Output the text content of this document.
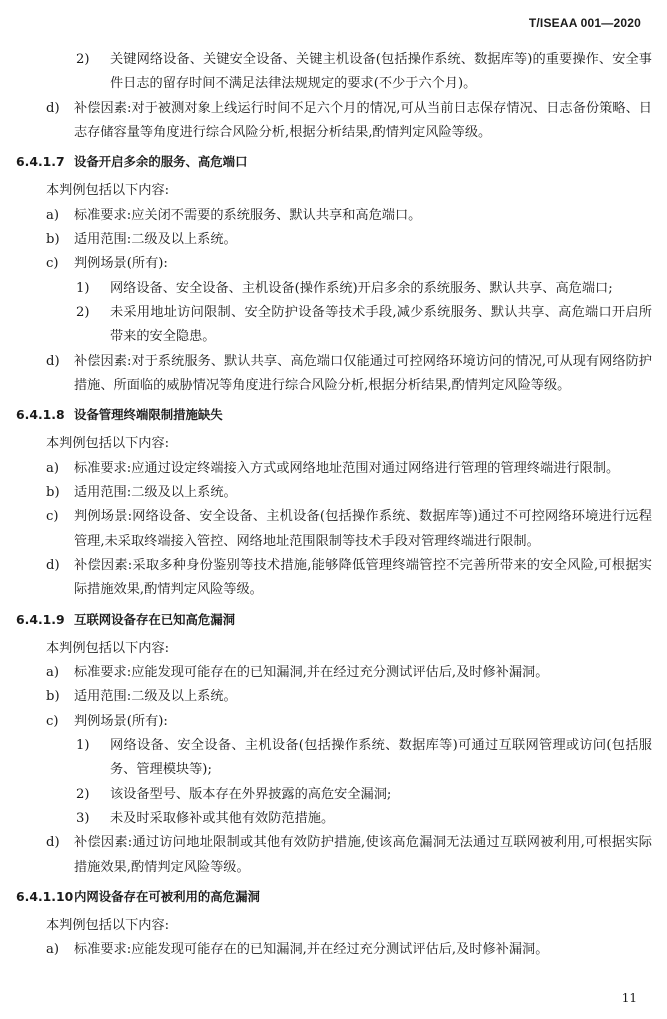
T/ISEAA 001—2020
2)	关键网络设备、关键安全设备、关键主机设备(包括操作系统、数据库等)的重要操作、安全事件日志的留存时间不满足法律法规规定的要求(不少于六个月)。
d)	补偿因素:对于被测对象上线运行时间不足六个月的情况,可从当前日志保存情况、日志备份策略、日志存储容量等角度进行综合风险分析,根据分析结果,酌情判定风险等级。
6.4.1.7 设备开启多余的服务、高危端口
本判例包括以下内容:
a)	标准要求:应关闭不需要的系统服务、默认共享和高危端口。
b)	适用范围:二级及以上系统。
c)	判例场景(所有):
1)	网络设备、安全设备、主机设备(操作系统)开启多余的系统服务、默认共享、高危端口;
2)	未采用地址访问限制、安全防护设备等技术手段,减少系统服务、默认共享、高危端口开启所带来的安全隐患。
d)	补偿因素:对于系统服务、默认共享、高危端口仅能通过可控网络环境访问的情况,可从现有网络防护措施、所面临的威胁情况等角度进行综合风险分析,根据分析结果,酌情判定风险等级。
6.4.1.8 设备管理终端限制措施缺失
本判例包括以下内容:
a)	标准要求:应通过设定终端接入方式或网络地址范围对通过网络进行管理的管理终端进行限制。
b)	适用范围:二级及以上系统。
c)	判例场景:网络设备、安全设备、主机设备(包括操作系统、数据库等)通过不可控网络环境进行远程管理,未采取终端接入管控、网络地址范围限制等技术手段对管理终端进行限制。
d)	补偿因素:采取多种身份鉴别等技术措施,能够降低管理终端管控不完善所带来的安全风险,可根据实际措施效果,酌情判定风险等级。
6.4.1.9 互联网设备存在已知高危漏洞
本判例包括以下内容:
a)	标准要求:应能发现可能存在的已知漏洞,并在经过充分测试评估后,及时修补漏洞。
b)	适用范围:二级及以上系统。
c)	判例场景(所有):
1)	网络设备、安全设备、主机设备(包括操作系统、数据库等)可通过互联网管理或访问(包括服务、管理模块等);
2)	该设备型号、版本存在外界披露的高危安全漏洞;
3)	未及时采取修补或其他有效防范措施。
d)	补偿因素:通过访问地址限制或其他有效防护措施,使该高危漏洞无法通过互联网被利用,可根据实际措施效果,酌情判定风险等级。
6.4.1.10 内网设备存在可被利用的高危漏洞
本判例包括以下内容:
a)	标准要求:应能发现可能存在的已知漏洞,并在经过充分测试评估后,及时修补漏洞。
11
